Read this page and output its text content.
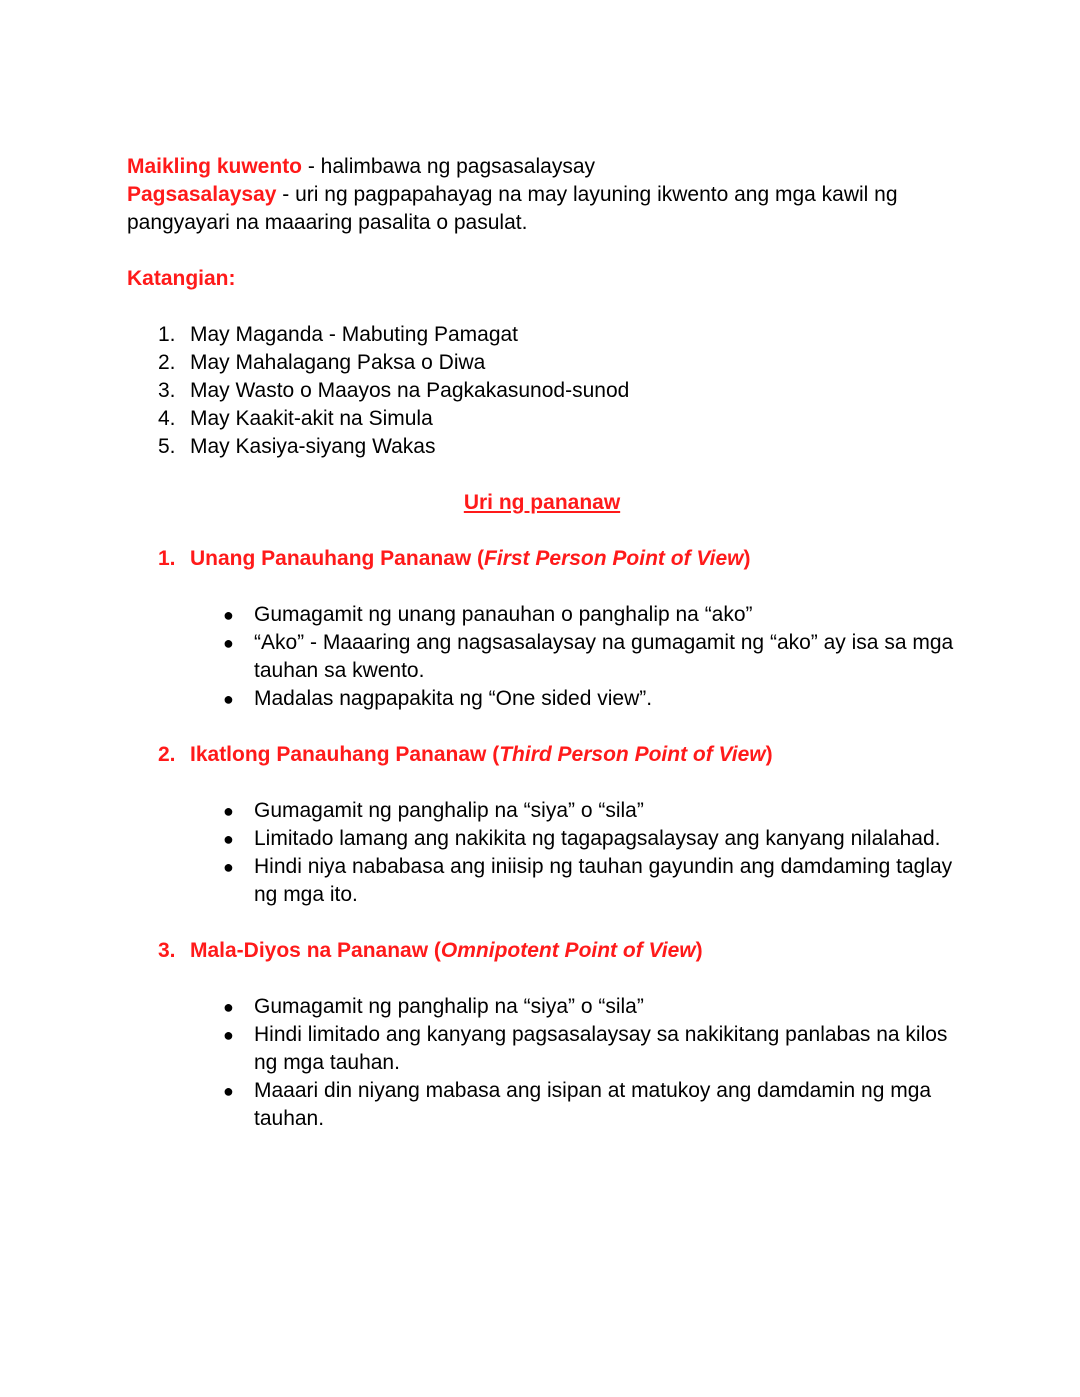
Maikling kuwento - halimbawa ng pagsasalaysay

Pagsasalaysay - uri ng pagpapahayag na may layuning ikwento ang mga kawil ng pangyayari na maaaring pasalita o pasulat.

Katangian:

1. May Maganda - Mabuting Pamagat
2. May Mahalagang Paksa o Diwa
3. May Wasto o Maayos na Pagkakasunod-sunod
4. May Kaakit-akit na Simula
5. May Kasiya-siyang Wakas

Uri ng pananaw

1. Unang Panauhang Pananaw (First Person Point of View)

● Gumagamit ng unang panauhan o panghalip na “ako”
● “Ako” - Maaaring ang nagsasalaysay na gumagamit ng “ako” ay isa sa mga tauhan sa kwento.
● Madalas nagpapakita ng “One sided view”.

2. Ikatlong Panauhang Pananaw (Third Person Point of View)

● Gumagamit ng panghalip na “siya” o “sila”
● Limitado lamang ang nakikita ng tagapagsalaysay ang kanyang nilalahad.
● Hindi niya nababasa ang iniisip ng tauhan gayundin ang damdaming taglay ng mga ito.

3. Mala-Diyos na Pananaw (Omnipotent Point of View)

● Gumagamit ng panghalip na “siya” o “sila”
● Hindi limitado ang kanyang pagsasalaysay sa nakikitang panlabas na kilos ng mga tauhan.
● Maaari din niyang mabasa ang isipan at matukoy ang damdamin ng mga tauhan.
